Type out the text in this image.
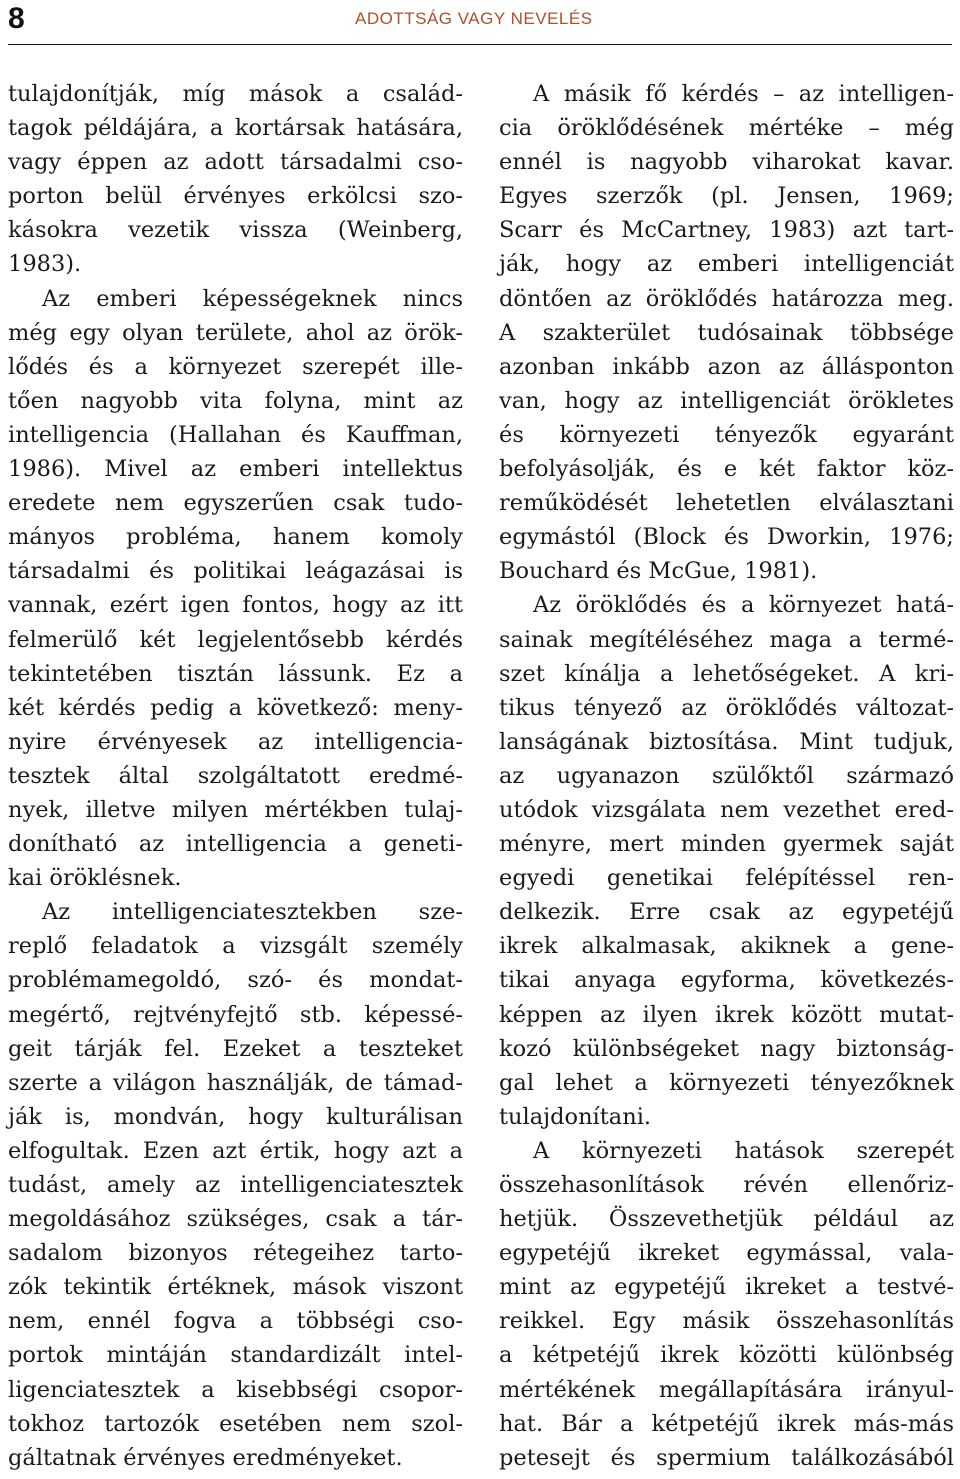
8	ADOTTSÁG VAGY NEVELÉS
tulajdonítják, míg mások a család-
tagok példájára, a kortársak hatására,
vagy éppen az adott társadalmi cso-
porton belül érvényes erkölcsi szo-
kásokra vezetik vissza (Weinberg,
1983).
Az emberi képességeknek nincs
még egy olyan területe, ahol az örök-
lődés és a környezet szerepét ille-
tően nagyobb vita folyna, mint az
intelligencia (Hallahan és Kauffman,
1986). Mivel az emberi intellektus
eredete nem egyszerűen csak tudo-
mányos probléma, hanem komoly
társadalmi és politikai leágazásai is
vannak, ezért igen fontos, hogy az itt
felmerülő két legjelentősebb kérdés
tekintetében tisztán lássunk. Ez a
két kérdés pedig a következő: meny-
nyire érvényesek az intelligencia-
tesztek által szolgáltatott eredmé-
nyek, illetve milyen mértékben tulaj-
donítható az intelligencia a geneti-
kai öröklésnek.
Az intelligenciatesztekben sze-
replő feladatok a vizsgált személy
problémamegoldó, szó- és mondat-
megértő, rejtvényfejtő stb. képessé-
geit tárják fel. Ezeket a teszteket
szerte a világon használják, de támad-
ják is, mondván, hogy kulturálisan
elfogultak. Ezen azt értik, hogy azt a
tudást, amely az intelligenciatesztek
megoldásához szükséges, csak a tár-
sadalom bizonyos rétegeihez tarto-
zók tekintik értéknek, mások viszont
nem, ennél fogva a többségi cso-
portok mintáján standardizált intel-
ligenciatesztek a kisebbségi csopor-
tokhoz tartozók esetében nem szol-
gáltatnak érvényes eredményeket.
A másik fő kérdés – az intelligen-
cia öröklődésének mértéke – még
ennél is nagyobb viharokat kavar.
Egyes szerzők (pl. Jensen, 1969;
Scarr és McCartney, 1983) azt tart-
ják, hogy az emberi intelligenciát
döntően az öröklődés határozza meg.
A szakterület tudósainak többsége
azonban inkább azon az állásponton
van, hogy az intelligenciát örökletes
és környezeti tényezők egyaránt
befolyásolják, és e két faktor köz-
reműködését lehetetlen elválasztani
egymástól (Block és Dworkin, 1976;
Bouchard és McGue, 1981).
Az öröklődés és a környezet hatá-
sainak megítéléséhez maga a termé-
szet kínálja a lehetőségeket. A kri-
tikus tényező az öröklődés változat-
lanságának biztosítása. Mint tudjuk,
az ugyanazon szülőktől származó
utódok vizsgálata nem vezethet ered-
ményre, mert minden gyermek saját
egyedi genetikai felépítéssel ren-
delkezik. Erre csak az egypetéjű
ikrek alkalmasak, akiknek a gene-
tikai anyaga egyforma, következés-
képpen az ilyen ikrek között mutat-
kozó különbségeket nagy biztonság-
gal lehet a környezeti tényezőknek
tulajdonítani.
A környezeti hatások szerepét
összehasonlítások révén ellenőriz-
hetjük. Összevethetjük például az
egypetéjű ikreket egymással, vala-
mint az egypetéjű ikreket a testvé-
reikkel. Egy másik összehasonlítás
a kétpetéjű ikrek közötti különbség
mértékének megállapítására irányul-
hat. Bár a kétpetéjű ikrek más-más
petesejt és spermium találkozásából
